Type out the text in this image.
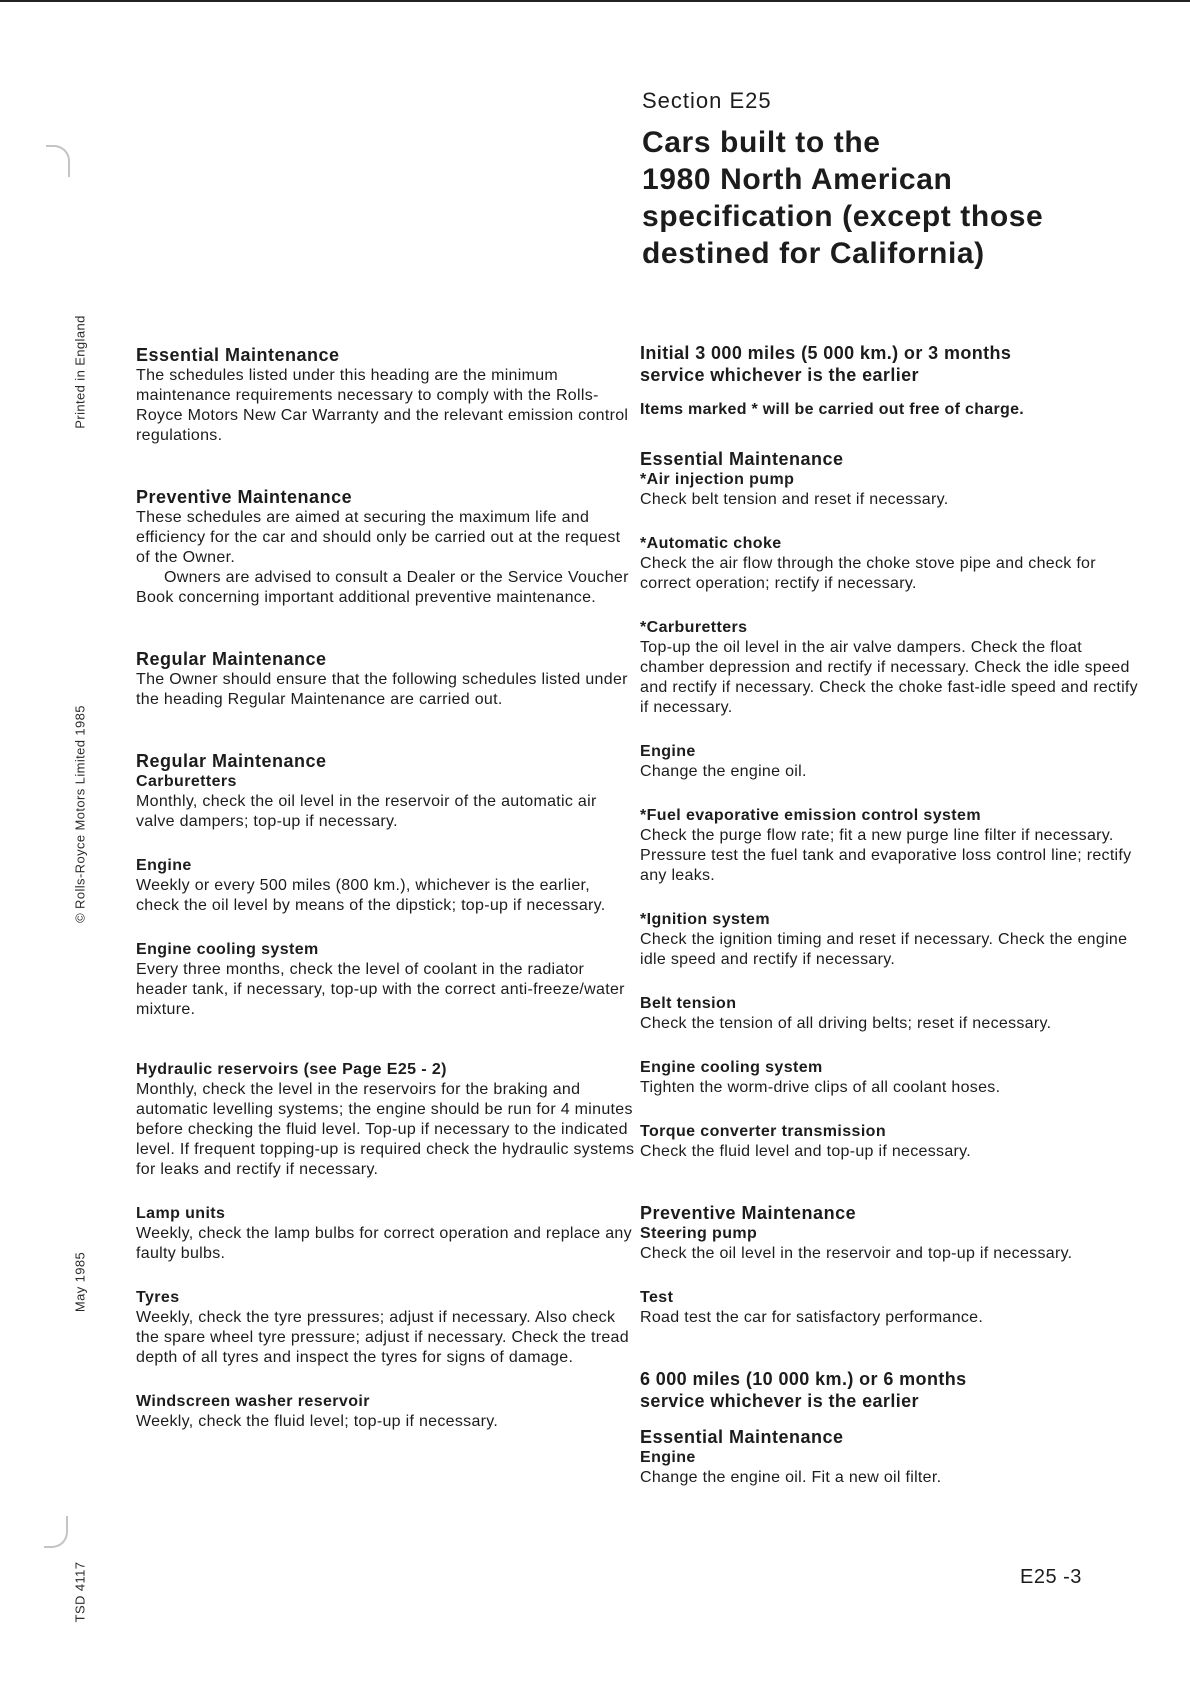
Printed in England
© Rolls-Royce Motors Limited 1985
May 1985
TSD 4117
Section E25
Cars built to the
1980 North American
specification (except those
destined for California)
Essential Maintenance

The schedules listed under this heading are the minimum maintenance requirements necessary to comply with the Rolls-Royce Motors New Car Warranty and the relevant emission control regulations.

Preventive Maintenance

These schedules are aimed at securing the maximum life and efficiency for the car and should only be carried out at the request of the Owner.

Owners are advised to consult a Dealer or the Service Voucher Book concerning important additional preventive maintenance.

Regular Maintenance

The Owner should ensure that the following schedules listed under the heading Regular Maintenance are carried out.

Regular Maintenance
Carburetters

Monthly, check the oil level in the reservoir of the automatic air valve dampers; top-up if necessary.

Engine

Weekly or every 500 miles (800 km.), whichever is the earlier, check the oil level by means of the dipstick; top-up if necessary.

Engine cooling system

Every three months, check the level of coolant in the radiator header tank, if necessary, top-up with the correct anti-freeze/water mixture.

Hydraulic reservoirs (see Page E25 - 2)

Monthly, check the level in the reservoirs for the braking and automatic levelling systems; the engine should be run for 4 minutes before checking the fluid level. Top-up if necessary to the indicated level. If frequent topping-up is required check the hydraulic systems for leaks and rectify if necessary.

Lamp units

Weekly, check the lamp bulbs for correct operation and replace any faulty bulbs.

Tyres

Weekly, check the tyre pressures; adjust if necessary. Also check the spare wheel tyre pressure; adjust if necessary. Check the tread depth of all tyres and inspect the tyres for signs of damage.

Windscreen washer reservoir

Weekly, check the fluid level; top-up if necessary.

Initial 3 000 miles (5 000 km.) or 3 months
service whichever is the earlier
Items marked * will be carried out free of charge.
Essential Maintenance
*Air injection pump

Check belt tension and reset if necessary.

*Automatic choke

Check the air flow through the choke stove pipe and check for correct operation; rectify if necessary.

*Carburetters

Top-up the oil level in the air valve dampers. Check the float chamber depression and rectify if necessary. Check the idle speed and rectify if necessary. Check the choke fast-idle speed and rectify if necessary.

Engine

Change the engine oil.

*Fuel evaporative emission control system

Check the purge flow rate; fit a new purge line filter if necessary. Pressure test the fuel tank and evaporative loss control line; rectify any leaks.

*Ignition system

Check the ignition timing and reset if necessary. Check the engine idle speed and rectify if necessary.

Belt tension

Check the tension of all driving belts; reset if necessary.

Engine cooling system

Tighten the worm-drive clips of all coolant hoses.

Torque converter transmission

Check the fluid level and top-up if necessary.

Preventive Maintenance
Steering pump

Check the oil level in the reservoir and top-up if necessary.

Test

Road test the car for satisfactory performance.

6 000 miles (10 000 km.) or 6 months
service whichever is the earlier
Essential Maintenance
Engine

Change the engine oil. Fit a new oil filter.

E25 -3
